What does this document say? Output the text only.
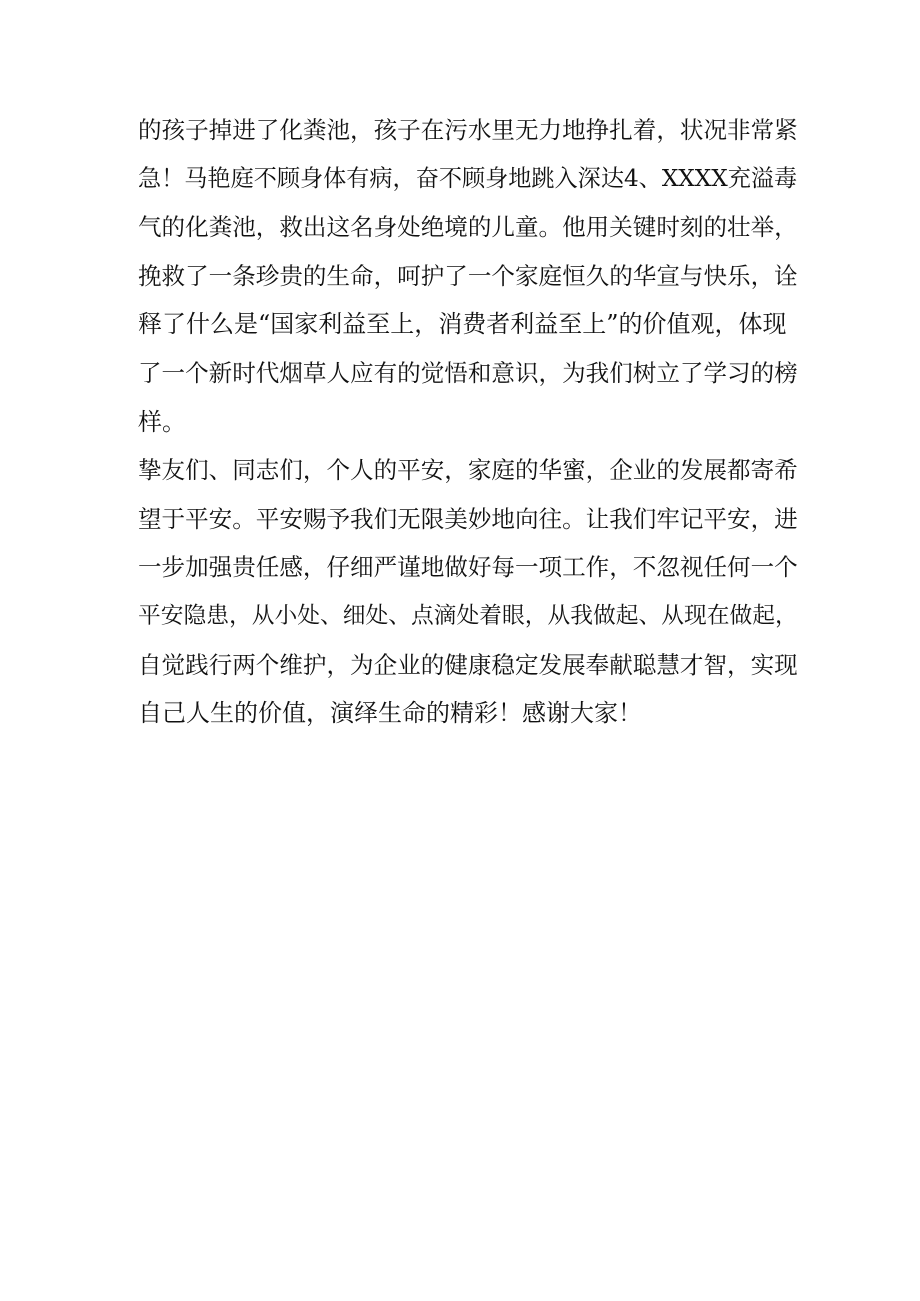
的孩子掉进了化粪池，孩子在污水里无力地挣扎着，状况非常紧
急！马艳庭不顾身体有病，奋不顾身地跳入深达4、XXXX充溢毒
气的化粪池，救出这名身处绝境的儿童。他用关键时刻的壮举，
挽救了一条珍贵的生命，呵护了一个家庭恒久的华宣与快乐，诠
释了什么是“国家利益至上，消费者利益至上”的价值观，体现
了一个新时代烟草人应有的觉悟和意识，为我们树立了学习的榜
样。
挚友们、同志们，个人的平安，家庭的华蜜，企业的发展都寄希
望于平安。平安赐予我们无限美妙地向往。让我们牢记平安，进
一步加强贵任感，仔细严谨地做好每一项工作，不忽视任何一个
平安隐患，从小处、细处、点滴处着眼，从我做起、从现在做起，
自觉践行两个维护，为企业的健康稳定发展奉献聪慧才智，实现
自己人生的价值，演绎生命的精彩！感谢大家！
